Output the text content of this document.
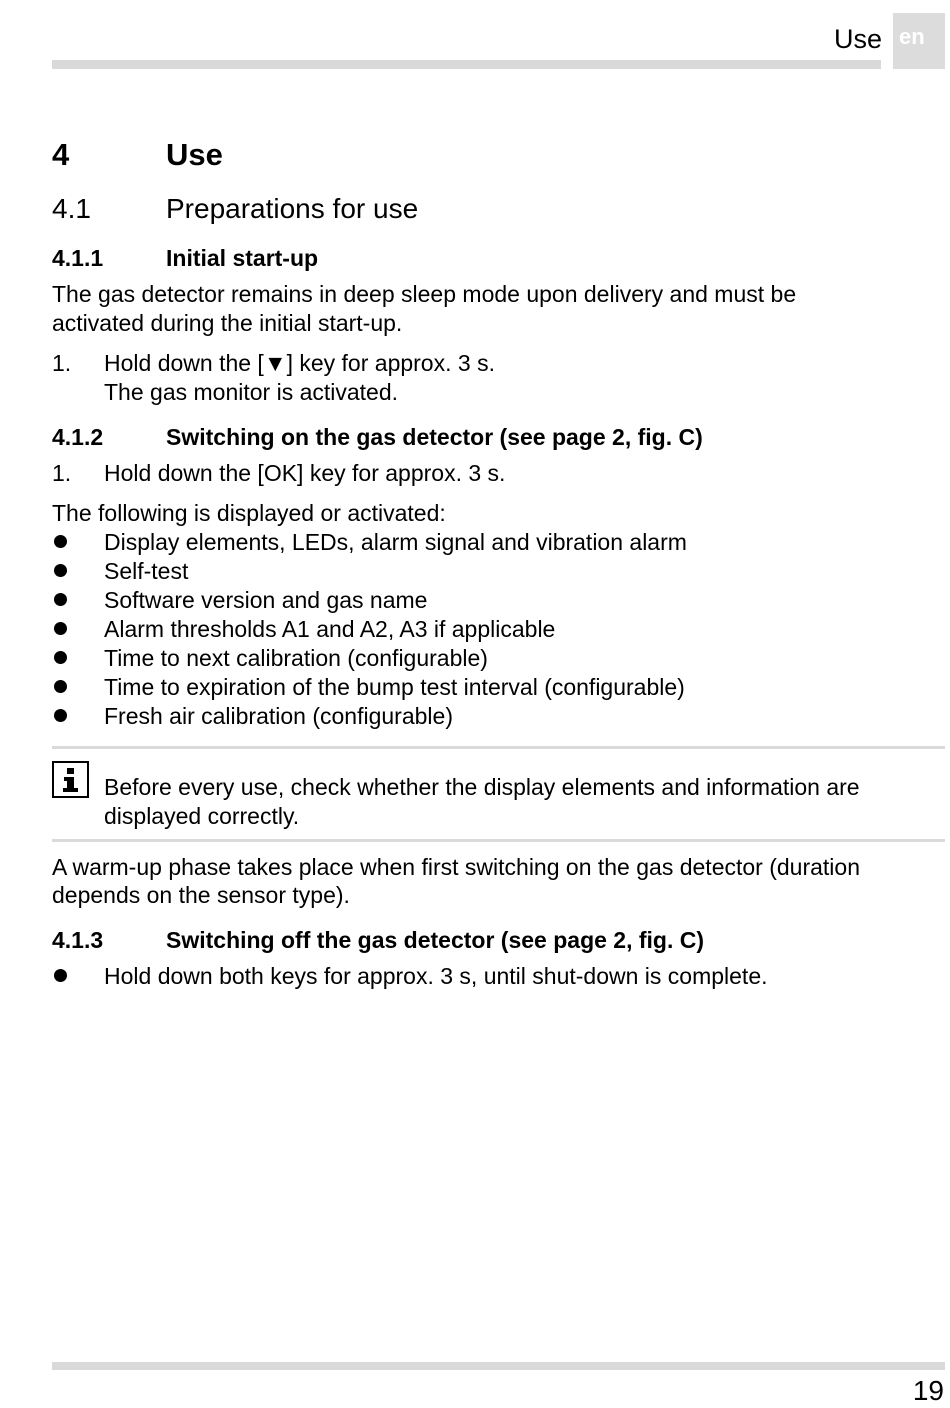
Use en
4	Use
4.1	Preparations for use
4.1.1	Initial start-up
The gas detector remains in deep sleep mode upon delivery and must be
activated during the initial start-up.
1. Hold down the [▼] key for approx. 3 s.
The gas monitor is activated.
4.1.2	Switching on the gas detector (see page 2, fig. C)
1. Hold down the [OK] key for approx. 3 s.
The following is displayed or activated:
Display elements, LEDs, alarm signal and vibration alarm
Self-test
Software version and gas name
Alarm thresholds A1 and A2, A3 if applicable
Time to next calibration (configurable)
Time to expiration of the bump test interval (configurable)
Fresh air calibration (configurable)
Before every use, check whether the display elements and information are
displayed correctly.
A warm-up phase takes place when first switching on the gas detector (duration
depends on the sensor type).
4.1.3	Switching off the gas detector (see page 2, fig. C)
Hold down both keys for approx. 3 s, until shut-down is complete.
19
